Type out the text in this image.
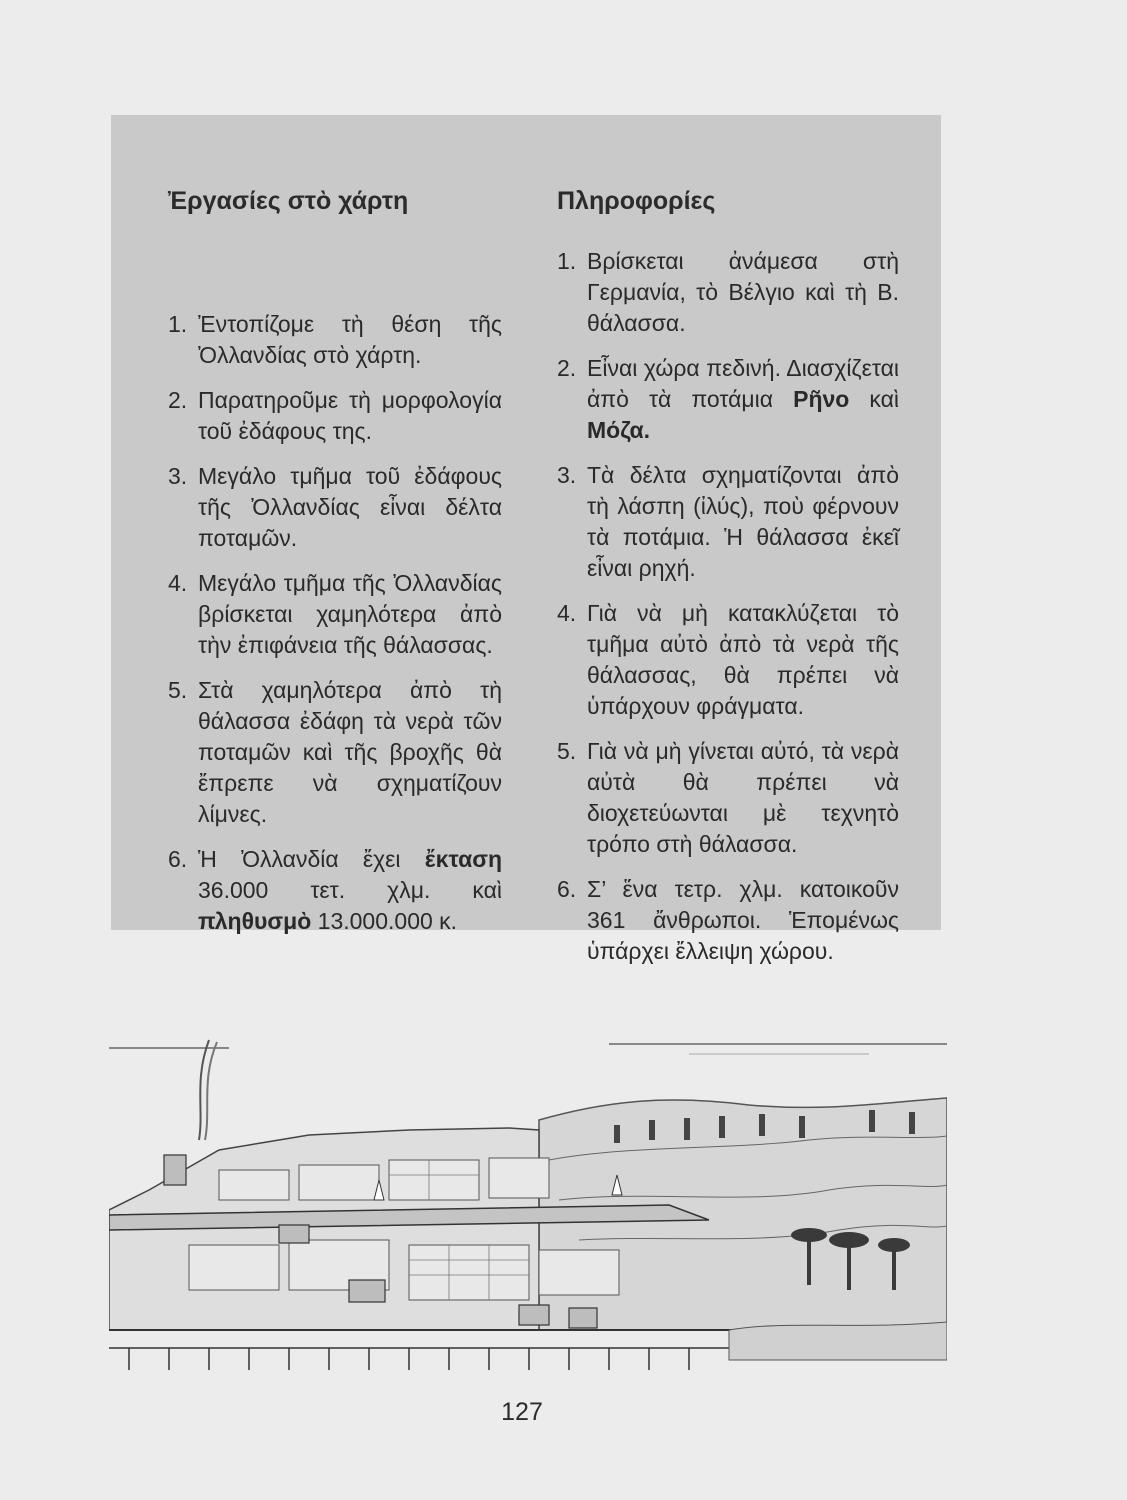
Ἐργασίες στὸ χάρτη	Πληροφορίες
1. Ἐντοπίζομε τὴ θέση τῆς Ὀλλανδίας στὸ χάρτη.
2. Παρατηροῦμε τὴ μορφολογία τοῦ ἐδάφους της.
3. Μεγάλο τμῆμα τοῦ ἐδάφους τῆς Ὀλλανδίας εἶναι δέλτα ποταμῶν.
4. Μεγάλο τμῆμα τῆς Ὀλλανδίας βρίσκεται χαμηλότερα ἀπὸ τὴν ἐπιφάνεια τῆς θάλασσας.
5. Στὰ χαμηλότερα ἀπὸ τὴ θάλασσα ἐδάφη τὰ νερὰ τῶν ποταμῶν καὶ τῆς βροχῆς θὰ ἔπρεπε νὰ σχηματίζουν λίμνες.
6. Ἡ Ὀλλανδία ἔχει ἔκταση 36.000 τετ. χλμ. καὶ πληθυσμὸ 13.000.000 κ.
1. Βρίσκεται ἀνάμεσα στὴ Γερμανία, τὸ Βέλγιο καὶ τὴ Β. θάλασσα.
2. Εἶναι χώρα πεδινή. Διασχίζεται ἀπὸ τὰ ποτάμια Ρῆνο καὶ Μόζα.
3. Τὰ δέλτα σχηματίζονται ἀπὸ τὴ λάσπη (ἰλύς), ποὺ φέρνουν τὰ ποτάμια. Ἡ θάλασσα ἐκεῖ εἶναι ρηχή.
4. Γιὰ νὰ μὴ κατακλύζεται τὸ τμῆμα αὐτὸ ἀπὸ τὰ νερὰ τῆς θάλασσας, θὰ πρέπει νὰ ὑπάρχουν φράγματα.
5. Γιὰ νὰ μὴ γίνεται αὐτό, τὰ νερὰ αὐτὰ θὰ πρέπει νὰ διοχετεύωνται μὲ τεχνητὸ τρόπο στὴ θάλασσα.
6. Σ’ ἕνα τετρ. χλμ. κατοικοῦν 361 ἄνθρωποι. Ἑπομένως ὑπάρχει ἔλλειψη χώρου.
127
